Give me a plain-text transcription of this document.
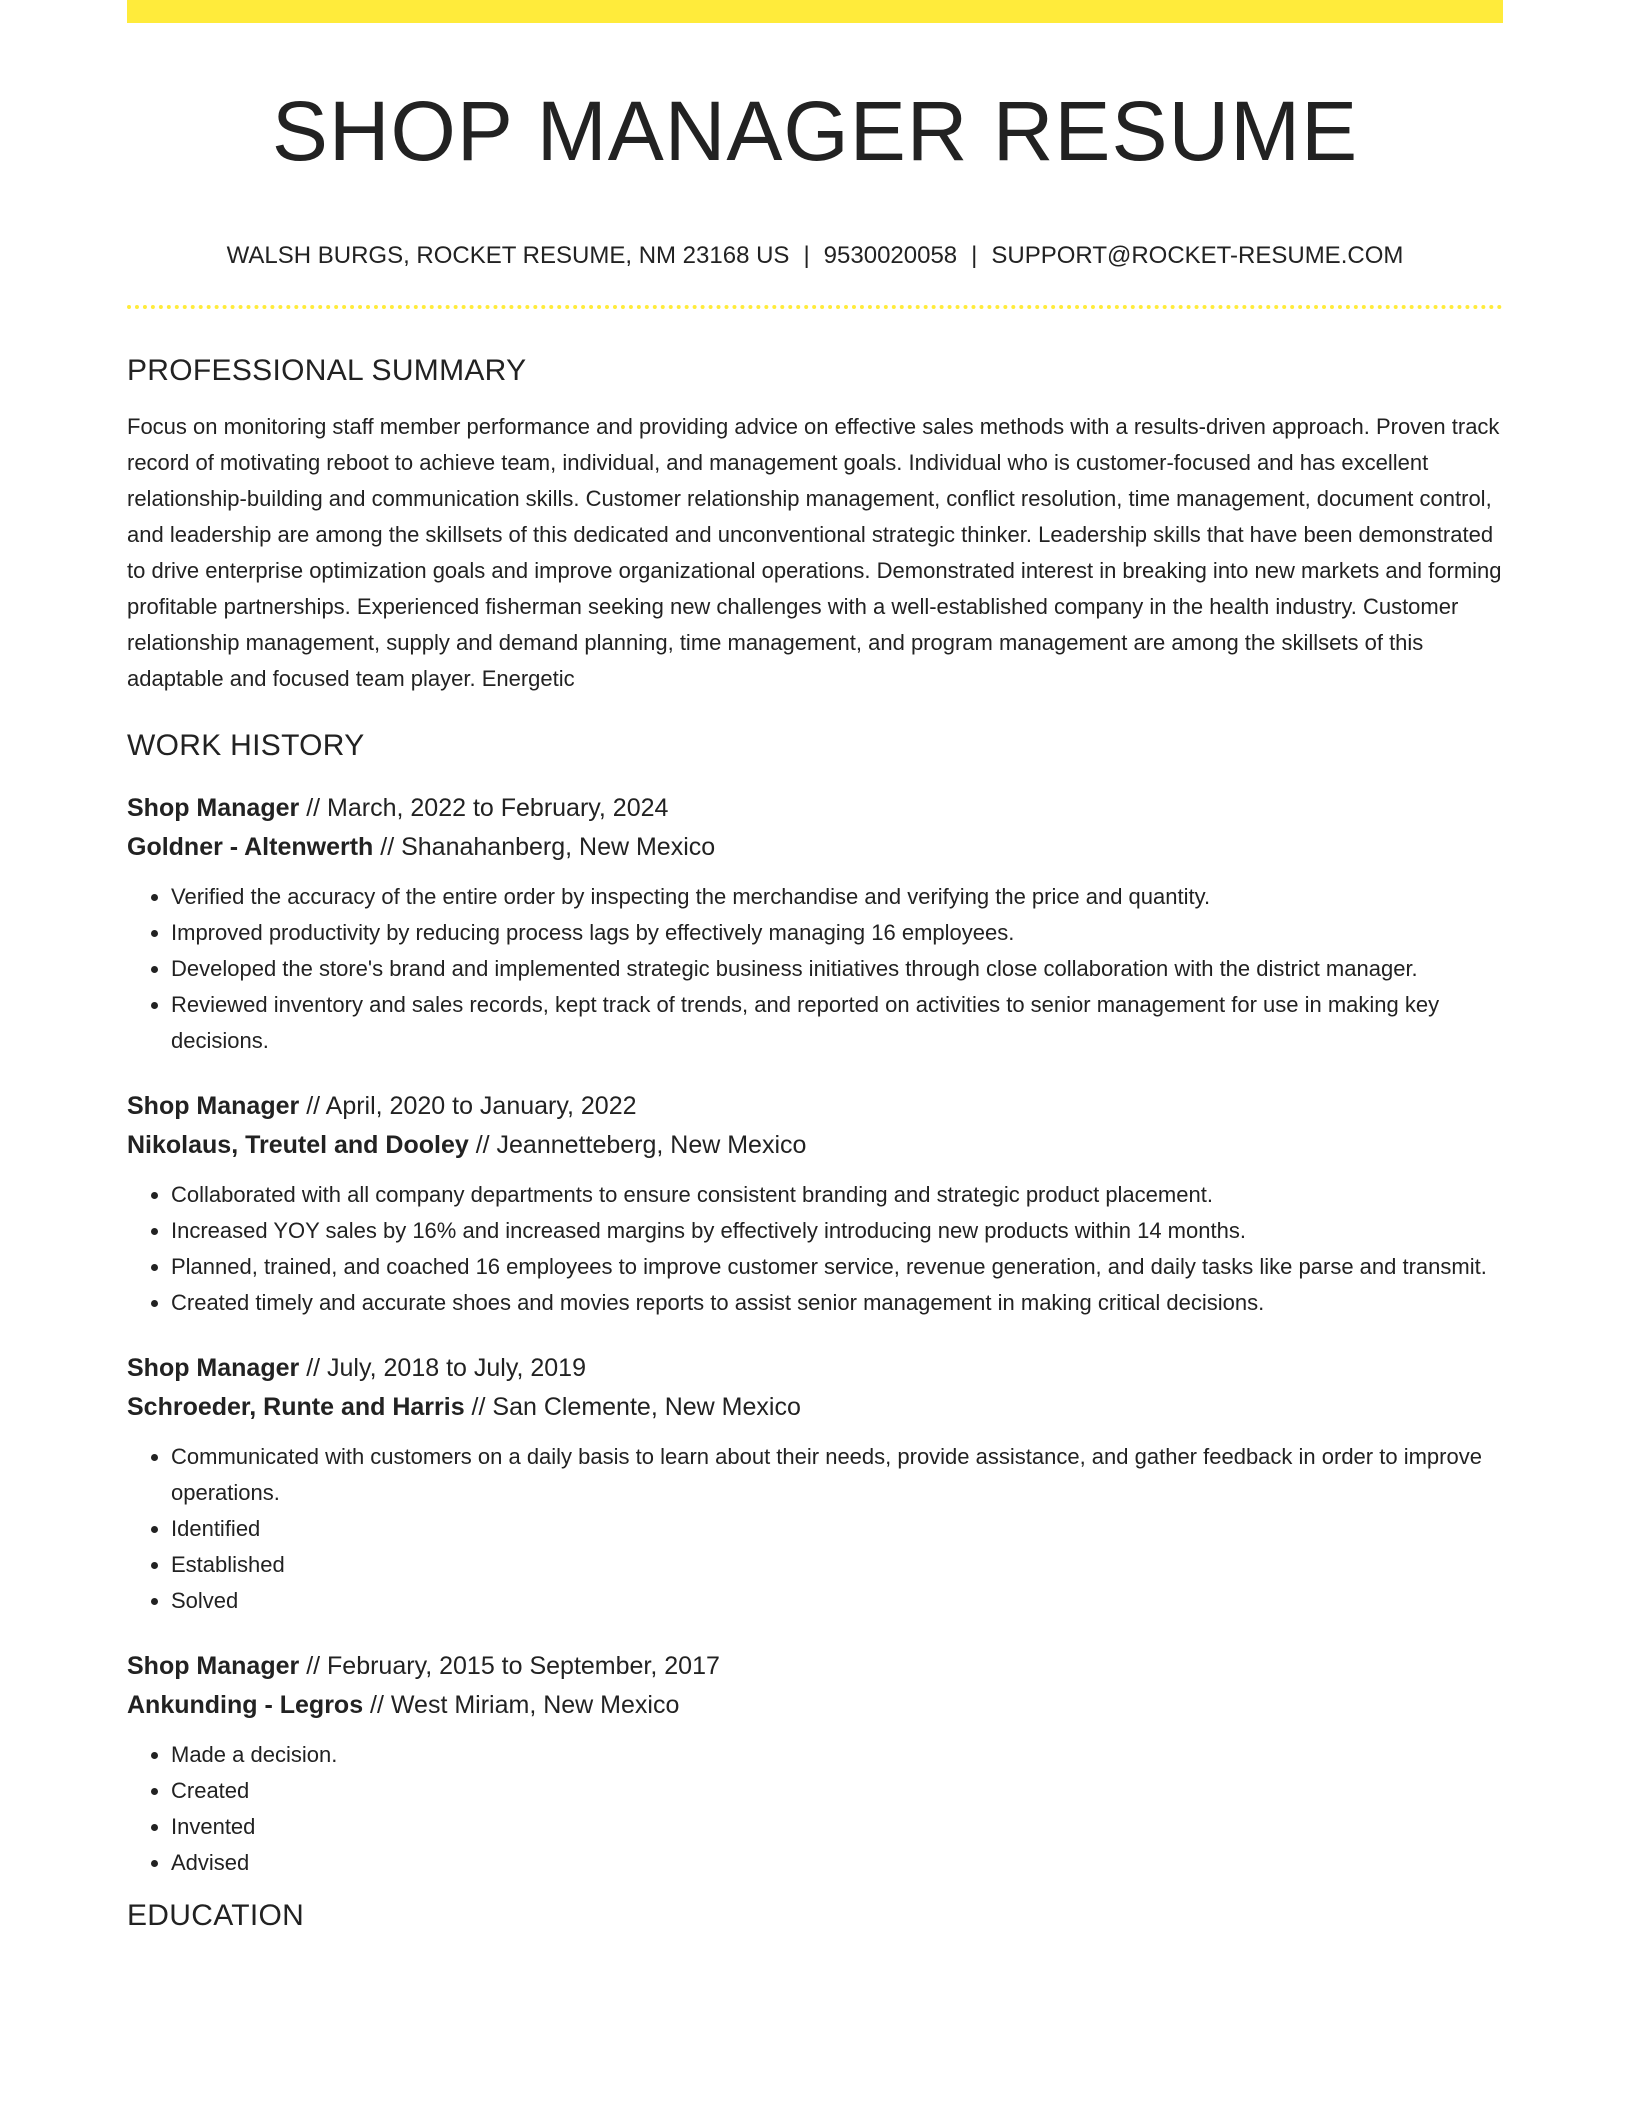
SHOP MANAGER RESUME
WALSH BURGS, ROCKET RESUME, NM 23168 US | 9530020058 | SUPPORT@ROCKET-RESUME.COM
PROFESSIONAL SUMMARY
Focus on monitoring staff member performance and providing advice on effective sales methods with a results-driven approach. Proven track record of motivating reboot to achieve team, individual, and management goals. Individual who is customer-focused and has excellent relationship-building and communication skills. Customer relationship management, conflict resolution, time management, document control, and leadership are among the skillsets of this dedicated and unconventional strategic thinker. Leadership skills that have been demonstrated to drive enterprise optimization goals and improve organizational operations. Demonstrated interest in breaking into new markets and forming profitable partnerships. Experienced fisherman seeking new challenges with a well-established company in the health industry. Customer relationship management, supply and demand planning, time management, and program management are among the skillsets of this adaptable and focused team player. Energetic
WORK HISTORY
Shop Manager // March, 2022 to February, 2024
Goldner - Altenwerth // Shanahanberg, New Mexico
• Verified the accuracy of the entire order by inspecting the merchandise and verifying the price and quantity.
• Improved productivity by reducing process lags by effectively managing 16 employees.
• Developed the store's brand and implemented strategic business initiatives through close collaboration with the district manager.
• Reviewed inventory and sales records, kept track of trends, and reported on activities to senior management for use in making key decisions.
Shop Manager // April, 2020 to January, 2022
Nikolaus, Treutel and Dooley // Jeannetteberg, New Mexico
• Collaborated with all company departments to ensure consistent branding and strategic product placement.
• Increased YOY sales by 16% and increased margins by effectively introducing new products within 14 months.
• Planned, trained, and coached 16 employees to improve customer service, revenue generation, and daily tasks like parse and transmit.
• Created timely and accurate shoes and movies reports to assist senior management in making critical decisions.
Shop Manager // July, 2018 to July, 2019
Schroeder, Runte and Harris // San Clemente, New Mexico
• Communicated with customers on a daily basis to learn about their needs, provide assistance, and gather feedback in order to improve operations.
• Identified
• Established
• Solved
Shop Manager // February, 2015 to September, 2017
Ankunding - Legros // West Miriam, New Mexico
• Made a decision.
• Created
• Invented
• Advised
EDUCATION
